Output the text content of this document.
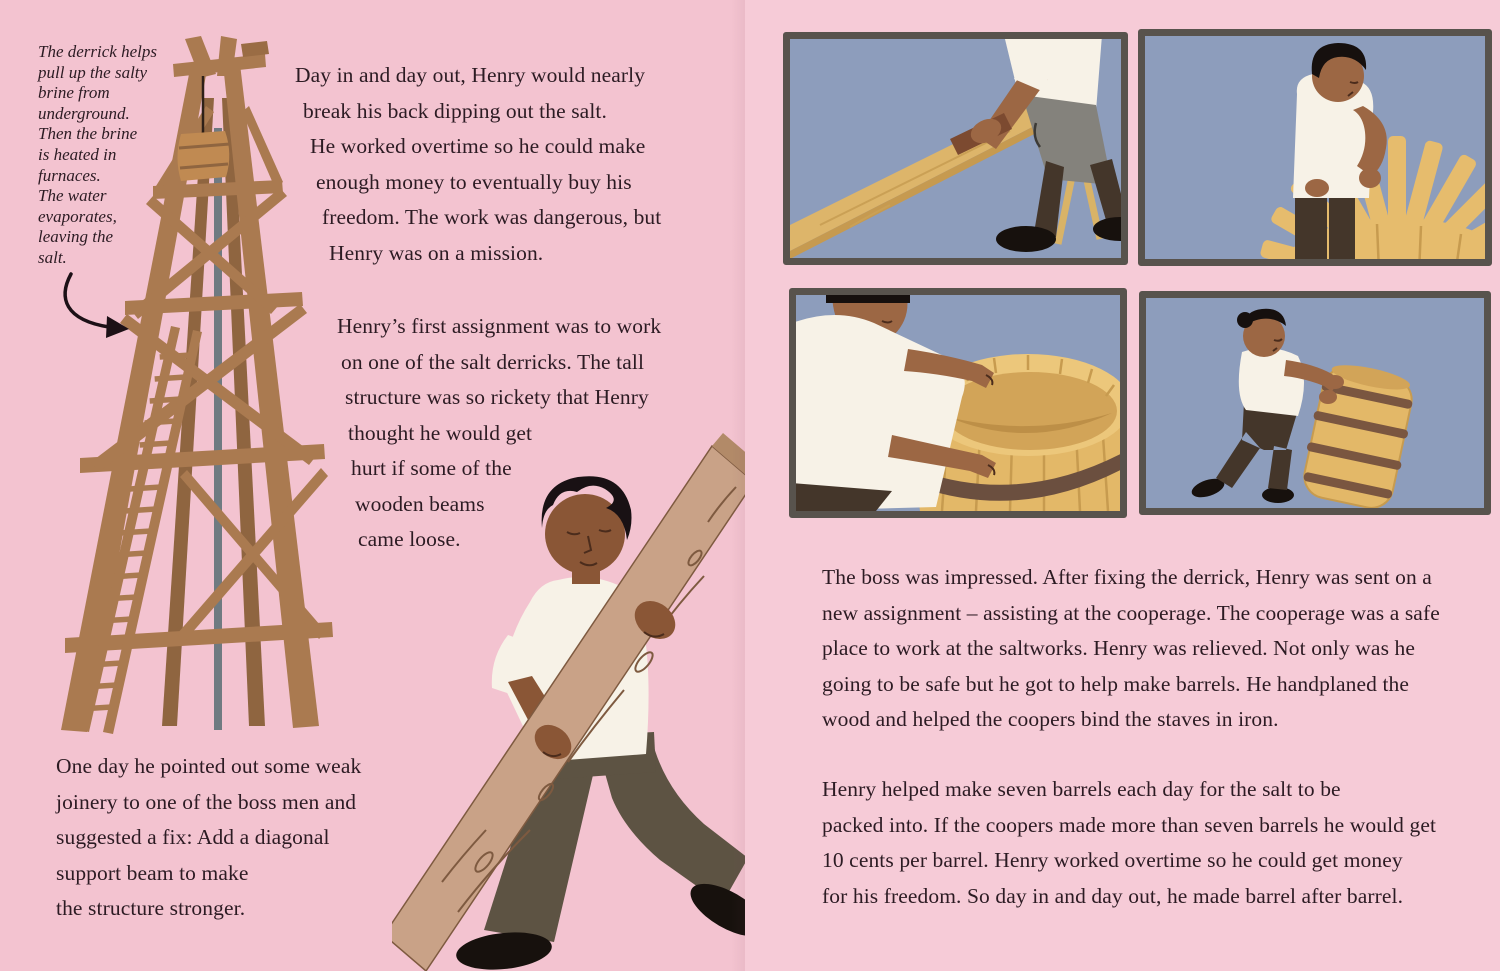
The derrick helps
pull up the salty
brine from
underground.
Then the brine
is heated in
furnaces.
The water
evaporates,
leaving the
salt.
Day in and day out, Henry would nearly
break his back dipping out the salt.
He worked overtime so he could make
enough money to eventually buy his
freedom. The work was dangerous, but
Henry was on a mission.
Henry’s first assignment was to work
on one of the salt derricks. The tall
structure was so rickety that Henry
thought he would get
hurt if some of the
wooden beams
came loose.
One day he pointed out some weak
joinery to one of the boss men and
suggested a fix: Add a diagonal
support beam to make
the structure stronger.
The boss was impressed. After fixing the derrick, Henry was sent on a
new assignment – assisting at the cooperage. The cooperage was a safe
place to work at the saltworks. Henry was relieved. Not only was he
going to be safe but he got to help make barrels. He handplaned the
wood and helped the coopers bind the staves in iron.
Henry helped make seven barrels each day for the salt to be
packed into. If the coopers made more than seven barrels he would get
10 cents per barrel. Henry worked overtime so he could get money
for his freedom. So day in and day out, he made barrel after barrel.
